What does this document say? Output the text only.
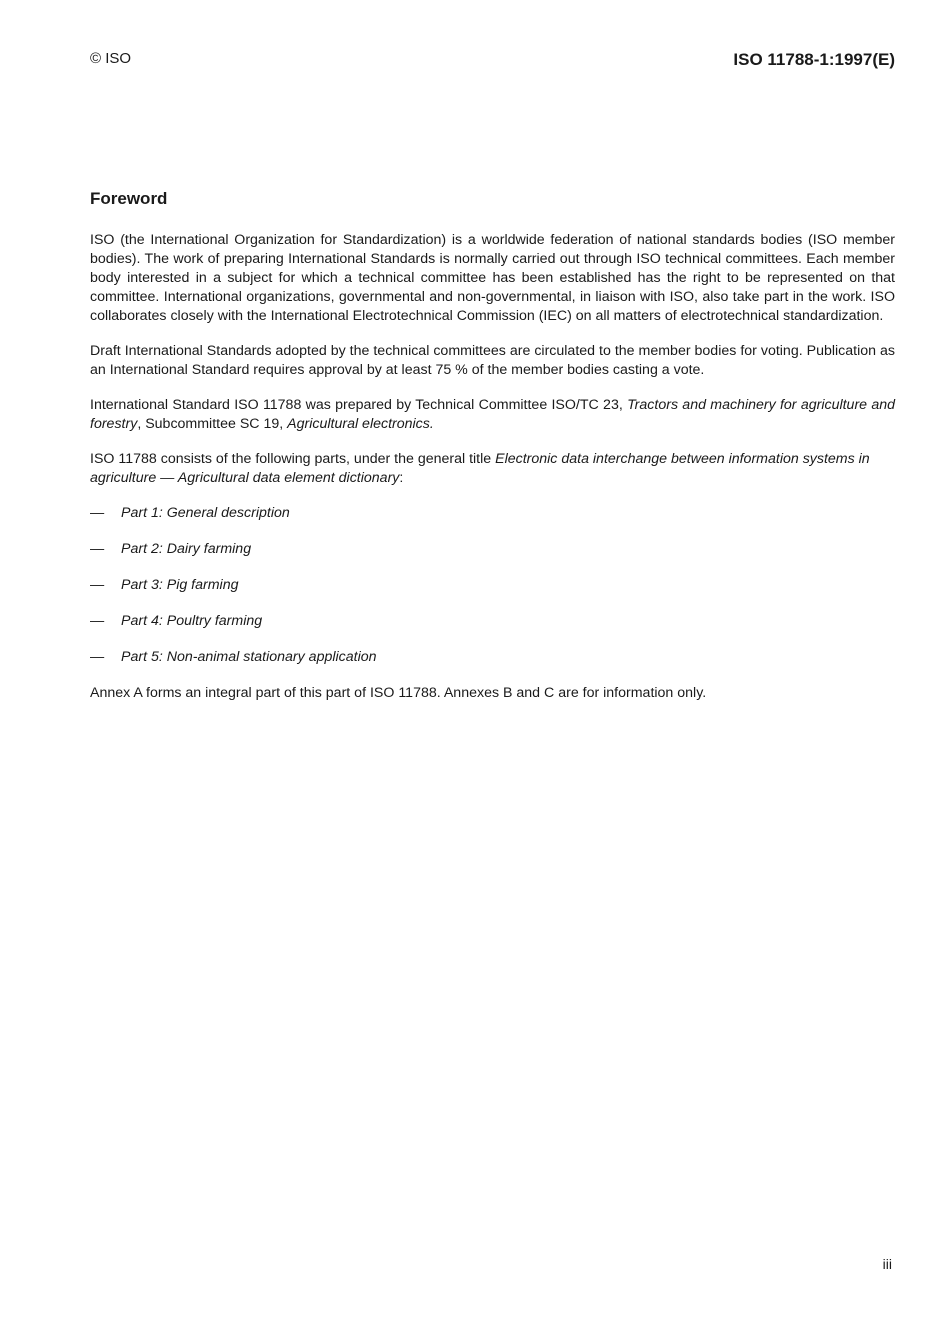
© ISO	ISO 11788-1:1997(E)
Foreword

ISO (the International Organization for Standardization) is a worldwide federation of national standards bodies (ISO member bodies). The work of preparing International Standards is normally carried out through ISO technical committees. Each member body interested in a subject for which a technical committee has been established has the right to be represented on that committee. International organizations, governmental and non-governmental, in liaison with ISO, also take part in the work. ISO collaborates closely with the International Electrotechnical Commission (IEC) on all matters of electrotechnical standardization.

Draft International Standards adopted by the technical committees are circulated to the member bodies for voting. Publication as an International Standard requires approval by at least 75 % of the member bodies casting a vote.

International Standard ISO 11788 was prepared by Technical Committee ISO/TC 23, Tractors and machinery for agriculture and forestry, Subcommittee SC 19, Agricultural electronics.

ISO 11788 consists of the following parts, under the general title Electronic data interchange between information systems in agriculture — Agricultural data element dictionary:

—	Part 1: General description
—	Part 2: Dairy farming
—	Part 3: Pig farming
—	Part 4: Poultry farming
—	Part 5: Non-animal stationary application

Annex A forms an integral part of this part of ISO 11788. Annexes B and C are for information only.

iii
